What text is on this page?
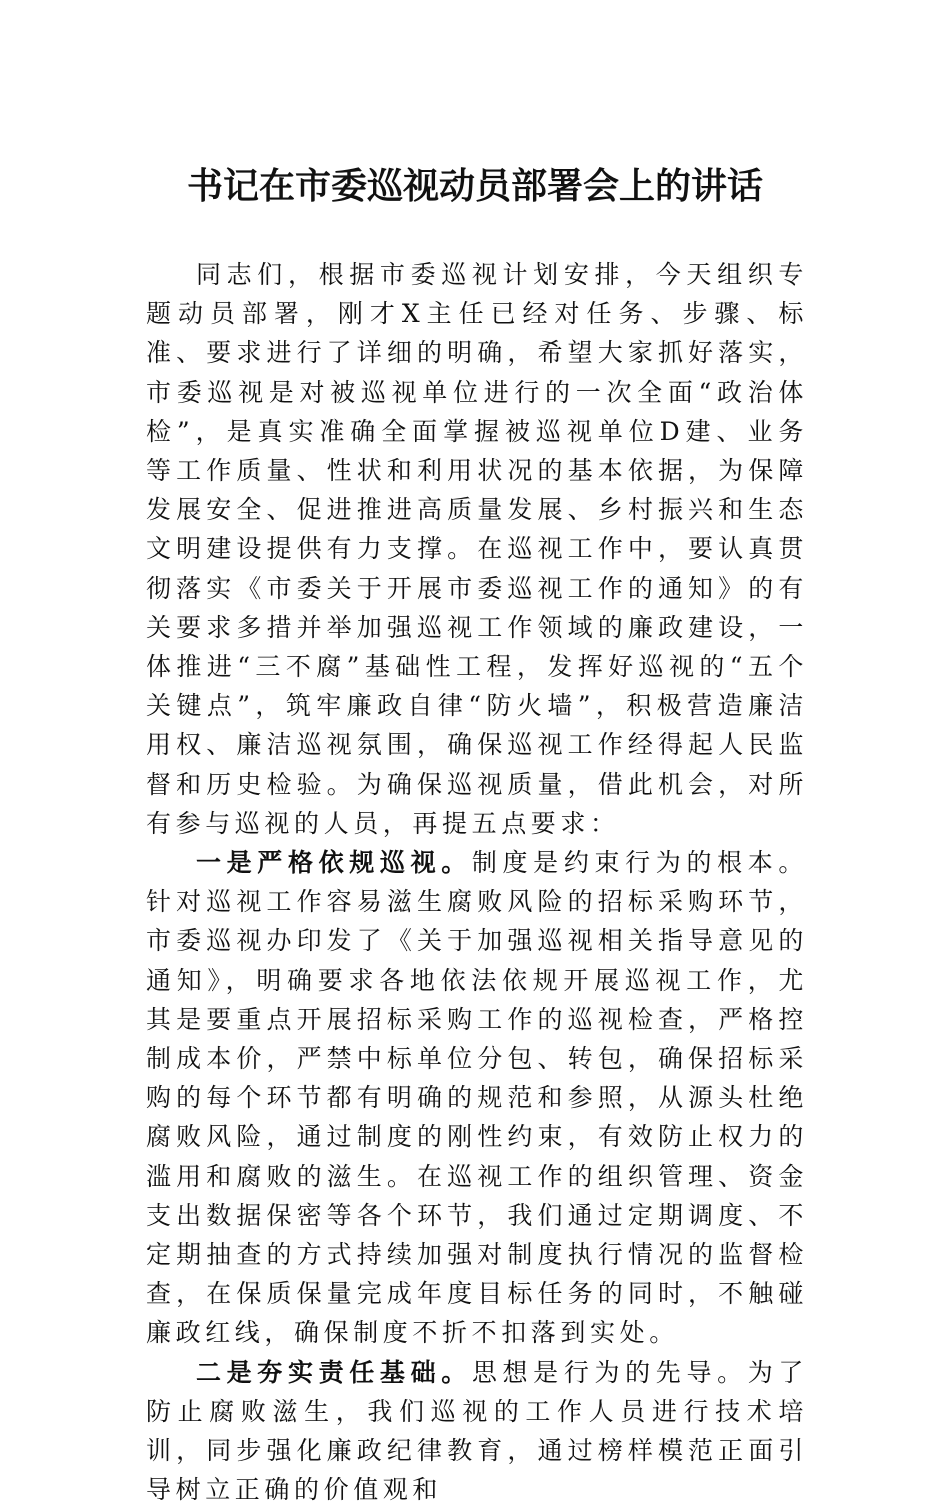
书记在市委巡视动员部署会上的讲话

同志们，根据市委巡视计划安排，今天组织专题动员部署，刚才X主任已经对任务、步骤、标准、要求进行了详细的明确，希望大家抓好落实，市委巡视是对被巡视单位进行的一次全面“政治体检”，是真实准确全面掌握被巡视单位D建、业务等工作质量、性状和利用状况的基本依据，为保障发展安全、促进推进高质量发展、乡村振兴和生态文明建设提供有力支撑。在巡视工作中，要认真贯彻落实《市委关于开展市委巡视工作的通知》的有关要求多措并举加强巡视工作领域的廉政建设，一体推进“三不腐”基础性工程，发挥好巡视的“五个关键点”，筑牢廉政自律“防火墙”，积极营造廉洁用权、廉洁巡视氛围，确保巡视工作经得起人民监督和历史检验。为确保巡视质量，借此机会，对所有参与巡视的人员，再提五点要求：

一是严格依规巡视。制度是约束行为的根本。针对巡视工作容易滋生腐败风险的招标采购环节，市委巡视办印发了《关于加强巡视相关指导意见的通知》，明确要求各地依法依规开展巡视工作，尤其是要重点开展招标采购工作的巡视检查，严格控制成本价，严禁中标单位分包、转包，确保招标采购的每个环节都有明确的规范和参照，从源头杜绝腐败风险，通过制度的刚性约束，有效防止权力的滥用和腐败的滋生。在巡视工作的组织管理、资金支出数据保密等各个环节，我们通过定期调度、不定期抽查的方式持续加强对制度执行情况的监督检查，在保质保量完成年度目标任务的同时，不触碰廉政红线，确保制度不折不扣落到实处。

二是夯实责任基础。思想是行为的先导。为了防止腐败滋生，我们巡视的工作人员进行技术培训，同步强化廉政纪律教育，通过榜样模范正面引导树立正确的价值观和
